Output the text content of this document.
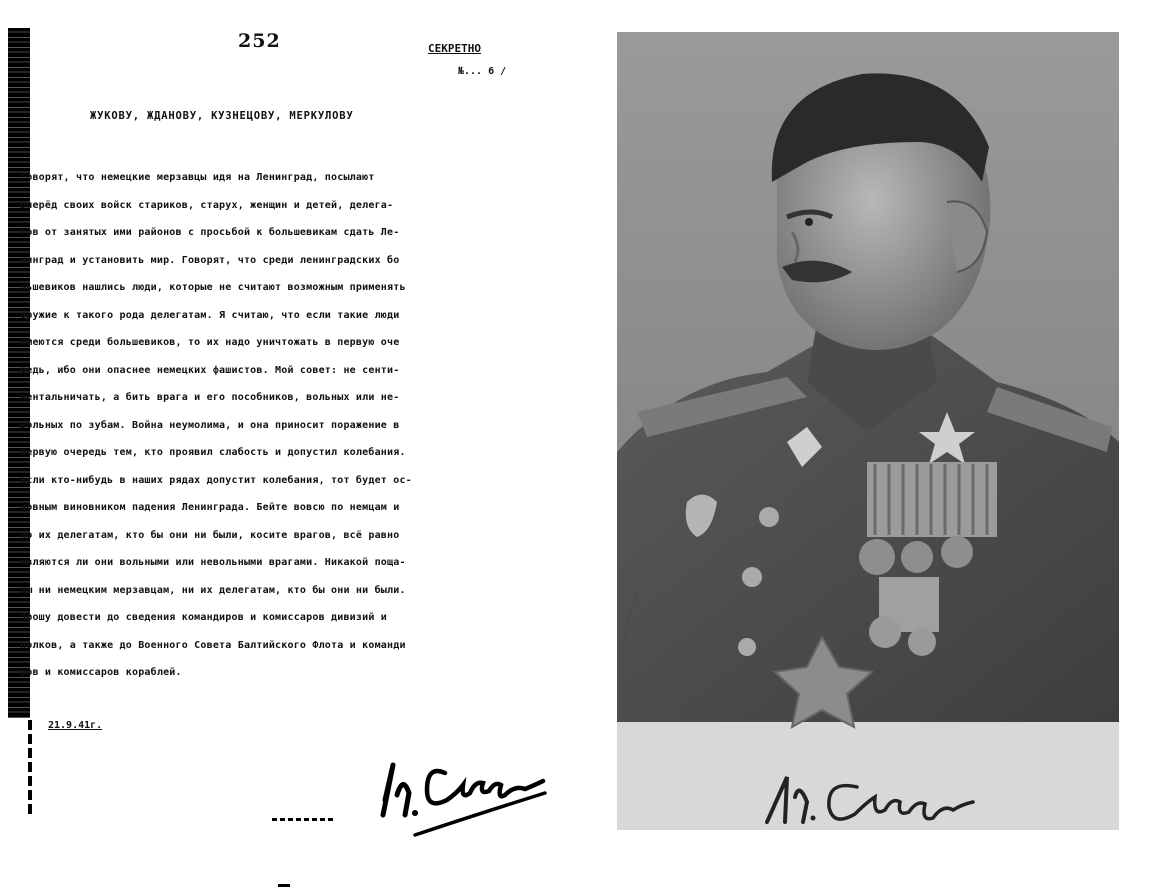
252	СЕКРЕТНО
№... 6 /
ЖУКОВУ, ЖДАНОВУ, КУЗНЕЦОВУ, МЕРКУЛОВУ
Говорят, что немецкие мерзавцы идя на Ленинград, посылают
вперёд своих войск стариков, старух, женщин и детей, делега-
тов от занятых ими районов с просьбой к большевикам сдать Ле-
нинград и установить мир. Говорят, что среди ленинградских бо
льшевиков нашлись люди, которые не считают возможным применять
оружие к такого рода делегатам. Я считаю, что если такие люди
имеются среди большевиков, то их надо уничтожать в первую оче
редь, ибо они опаснее немецких фашистов. Мой совет: не сенти-
ментальничать, а бить врага и его пособников, вольных или не-
вольных по зубам. Война неумолима, и она приносит поражение в
первую очередь тем, кто проявил слабость и допустил колебания.
Если кто-нибудь в наших рядах допустит колебания, тот будет ос-
новным виновником падения Ленинграда. Бейте вовсю по немцам и
по их делегатам, кто бы они ни были, косите врагов, всё равно
являются ли они вольными или невольными врагами. Никакой поща-
ды ни немецким мерзавцам, ни их делегатам, кто бы они ни были.
Прошу довести до сведения командиров и комиссаров дивизий и
полков, а также до Военного Совета Балтийского Флота и команди
ров и комиссаров кораблей.
21.9.41г.
